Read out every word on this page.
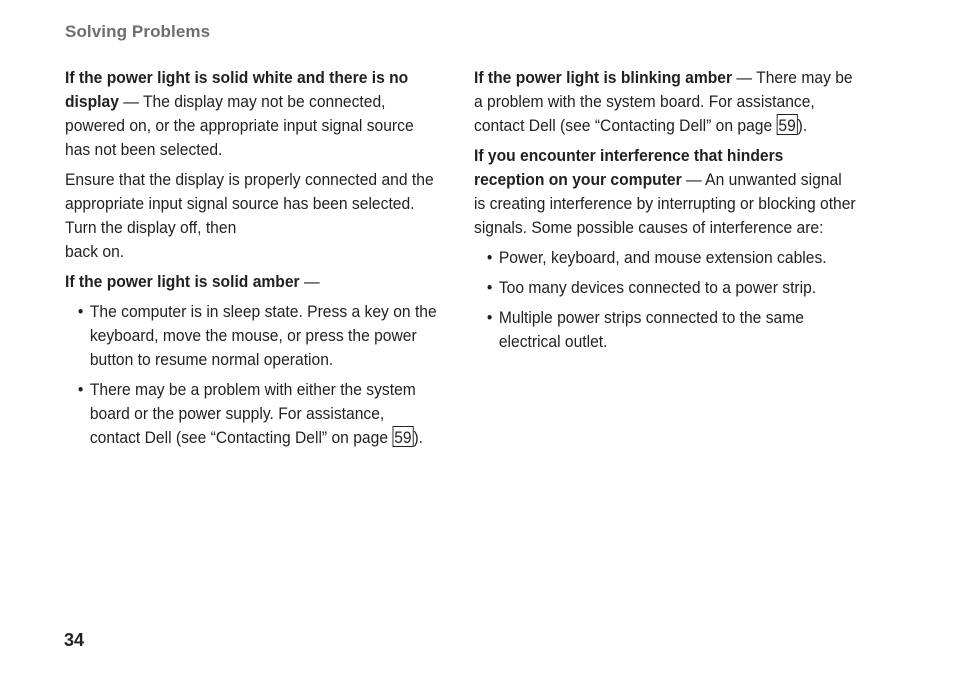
Solving Problems

If the power light is solid white and there is no display — The display may not be connected, powered on, or the appropriate input signal source has not been selected.

Ensure that the display is properly connected and the appropriate input signal source has been selected. Turn the display off, then
back on.

If the power light is solid amber —

• The computer is in sleep state. Press a key on the keyboard, move the mouse, or press the power button to resume normal operation.
• There may be a problem with either the system board or the power supply. For assistance, contact Dell (see “Contacting Dell” on page 59 ).

If the power light is blinking amber — There may be a problem with the system board. For assistance, contact Dell (see “Contacting Dell” on page 59 ).

If you encounter interference that hinders reception on your computer — An unwanted signal is creating interference by interrupting or blocking other signals. Some possible causes of interference are:

• Power, keyboard, and mouse extension cables.
• Too many devices connected to a power strip.
• Multiple power strips connected to the same electrical outlet.
34
